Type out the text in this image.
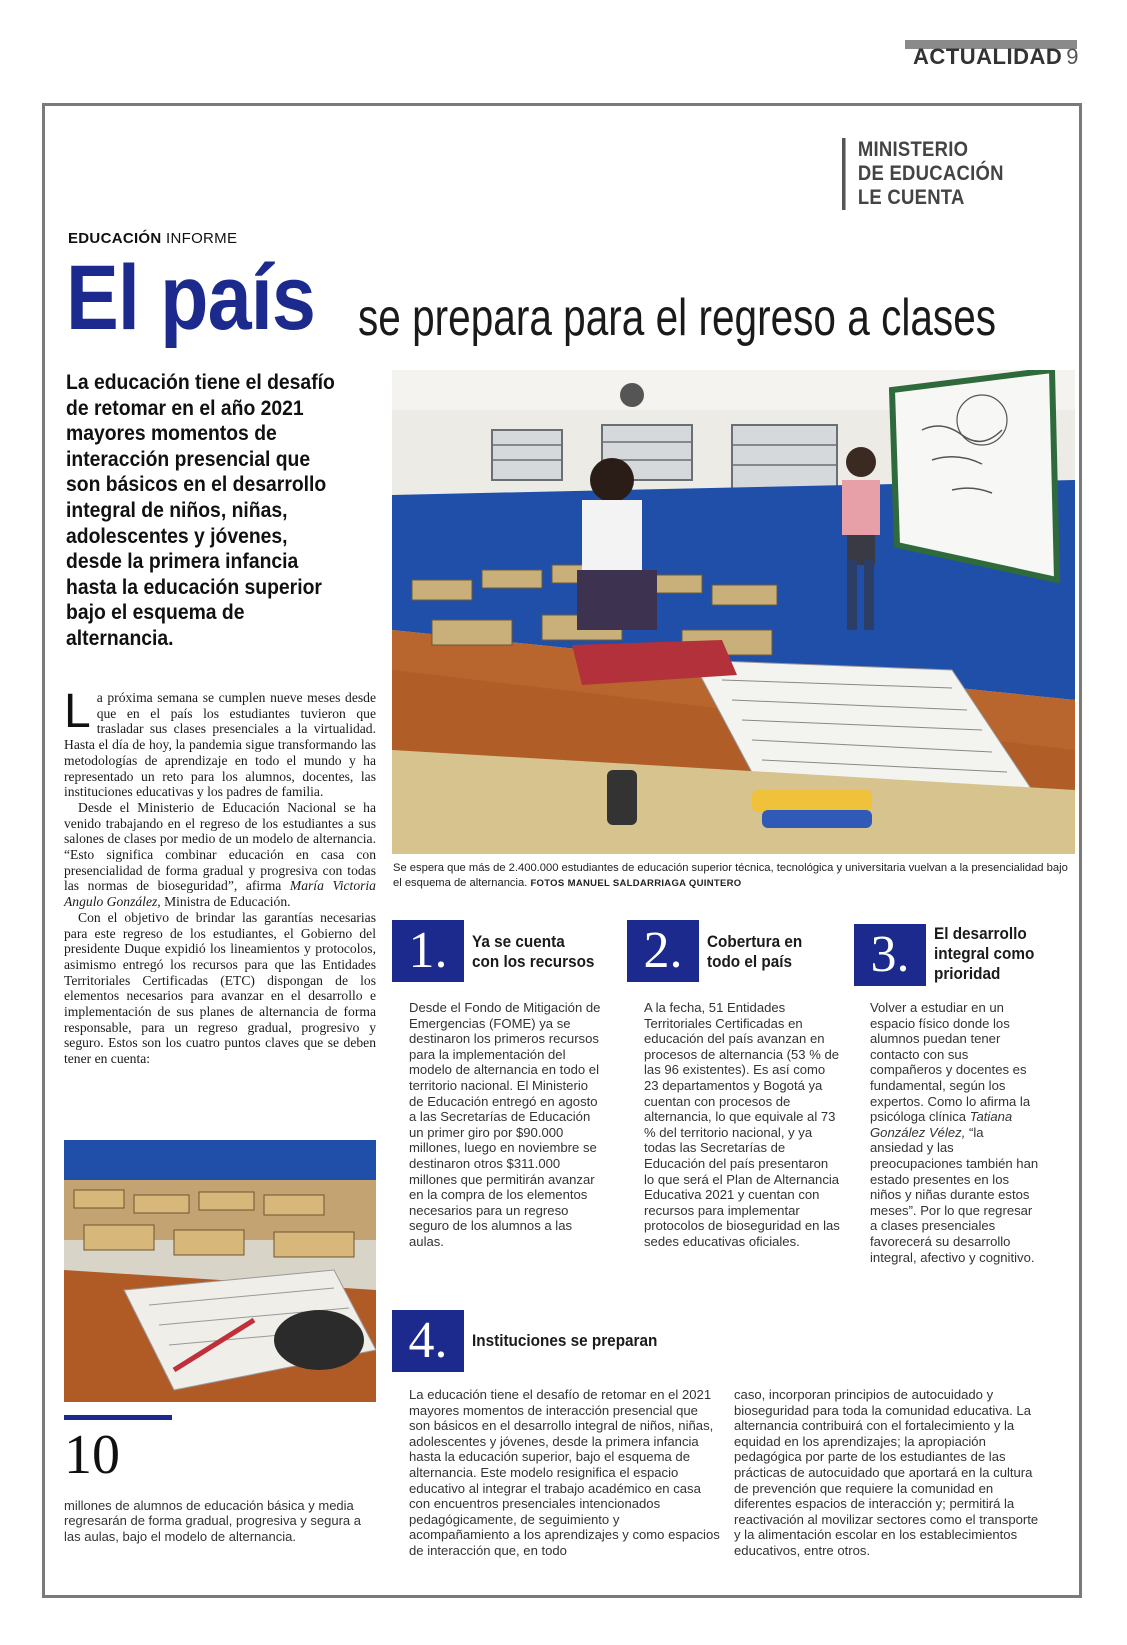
ACTUALIDAD 9
MINISTERIO
DE EDUCACIÓN
LE CUENTA
EDUCACIÓN INFORME
El país se prepara para el regreso a clases
La educación tiene el desafío de retomar en el año 2021 mayores momentos de interacción presencial que son básicos en el desarrollo integral de niños, niñas, adolescentes y jóvenes, desde la primera infancia hasta la educación superior bajo el esquema de alternancia.

La próxima semana se cumplen nueve meses desde que en el país los estudiantes tuvieron que trasladar sus clases presenciales a la virtualidad. Hasta el día de hoy, la pandemia sigue transformando las metodologías de aprendizaje en todo el mundo y ha representado un reto para los alumnos, docentes, las instituciones educativas y los padres de familia.

Desde el Ministerio de Educación Nacional se ha venido trabajando en el regreso de los estudiantes a sus salones de clases por medio de un modelo de alternancia. “Esto significa combinar educación en casa con presencialidad de forma gradual y progresiva con todas las normas de bioseguridad”, afirma María Victoria Angulo González, Ministra de Educación.

Con el objetivo de brindar las garantías necesarias para este regreso de los estudiantes, el Gobierno del presidente Duque expidió los lineamientos y protocolos, asimismo entregó los recursos para que las Entidades Territoriales Certificadas (ETC) dispongan de los elementos necesarios para avanzar en el desarrollo e implementación de sus planes de alternancia de forma responsable, para un regreso gradual, progresivo y seguro. Estos son los cuatro puntos claves que se deben tener en cuenta:

Se espera que más de 2.400.000 estudiantes de educación superior técnica, tecnológica y universitaria vuelvan a la presencialidad bajo el esquema de alternancia. FOTOS MANUEL SALDARRIAGA QUINTERO
1.	Ya se cuenta
con los recursos
Desde el Fondo de Mitigación de Emergencias (FOME) ya se destinaron los primeros recursos para la implementación del modelo de alternancia en todo el territorio nacional. El Ministerio de Educación entregó en agosto a las Secretarías de Educación un primer giro por $90.000 millones, luego en noviembre se destinaron otros $311.000 millones que permitirán avanzar en la compra de los elementos necesarios para un regreso seguro de los alumnos a las aulas.
2.	Cobertura en
todo el país
A la fecha, 51 Entidades Territoriales Certificadas en educación del país avanzan en procesos de alternancia (53 % de las 96 existentes). Es así como 23 departamentos y Bogotá ya cuentan con procesos de alternancia, lo que equivale al 73 % del territorio nacional, y ya todas las Secretarías de Educación del país presentaron lo que será el Plan de Alternancia Educativa 2021 y cuentan con recursos para implementar protocolos de bioseguridad en las sedes educativas oficiales.
3.	El desarrollo
integral como
prioridad
Volver a estudiar en un espacio físico donde los alumnos puedan tener contacto con sus compañeros y docentes es fundamental, según los expertos. Como lo afirma la psicóloga clínica Tatiana González Vélez, “la ansiedad y las preocupaciones también han estado presentes en los niños y niñas durante estos meses”. Por lo que regresar a clases presenciales favorecerá su desarrollo integral, afectivo y cognitivo.
4.	Instituciones se preparan
La educación tiene el desafío de retomar en el 2021 mayores momentos de interacción presencial que son básicos en el desarrollo integral de niños, niñas, adolescentes y jóvenes, desde la primera infancia hasta la educación superior, bajo el esquema de alternancia. Este modelo resignifica el espacio educativo al integrar el trabajo académico en casa con encuentros presenciales intencionados pedagógicamente, de seguimiento y acompañamiento a los aprendizajes y como espacios de interacción que, en todo
caso, incorporan principios de autocuidado y bioseguridad para toda la comunidad educativa. La alternancia contribuirá con el fortalecimiento y la equidad en los aprendizajes; la apropiación pedagógica por parte de los estudiantes de las prácticas de autocuidado que aportará en la cultura de prevención que requiere la comunidad en diferentes espacios de interacción y; permitirá la reactivación al movilizar sectores como el transporte y la alimentación escolar en los establecimientos educativos, entre otros.
10
millones de alumnos de educación básica y media regresarán de forma gradual, progresiva y segura a las aulas, bajo el modelo de alternancia.
